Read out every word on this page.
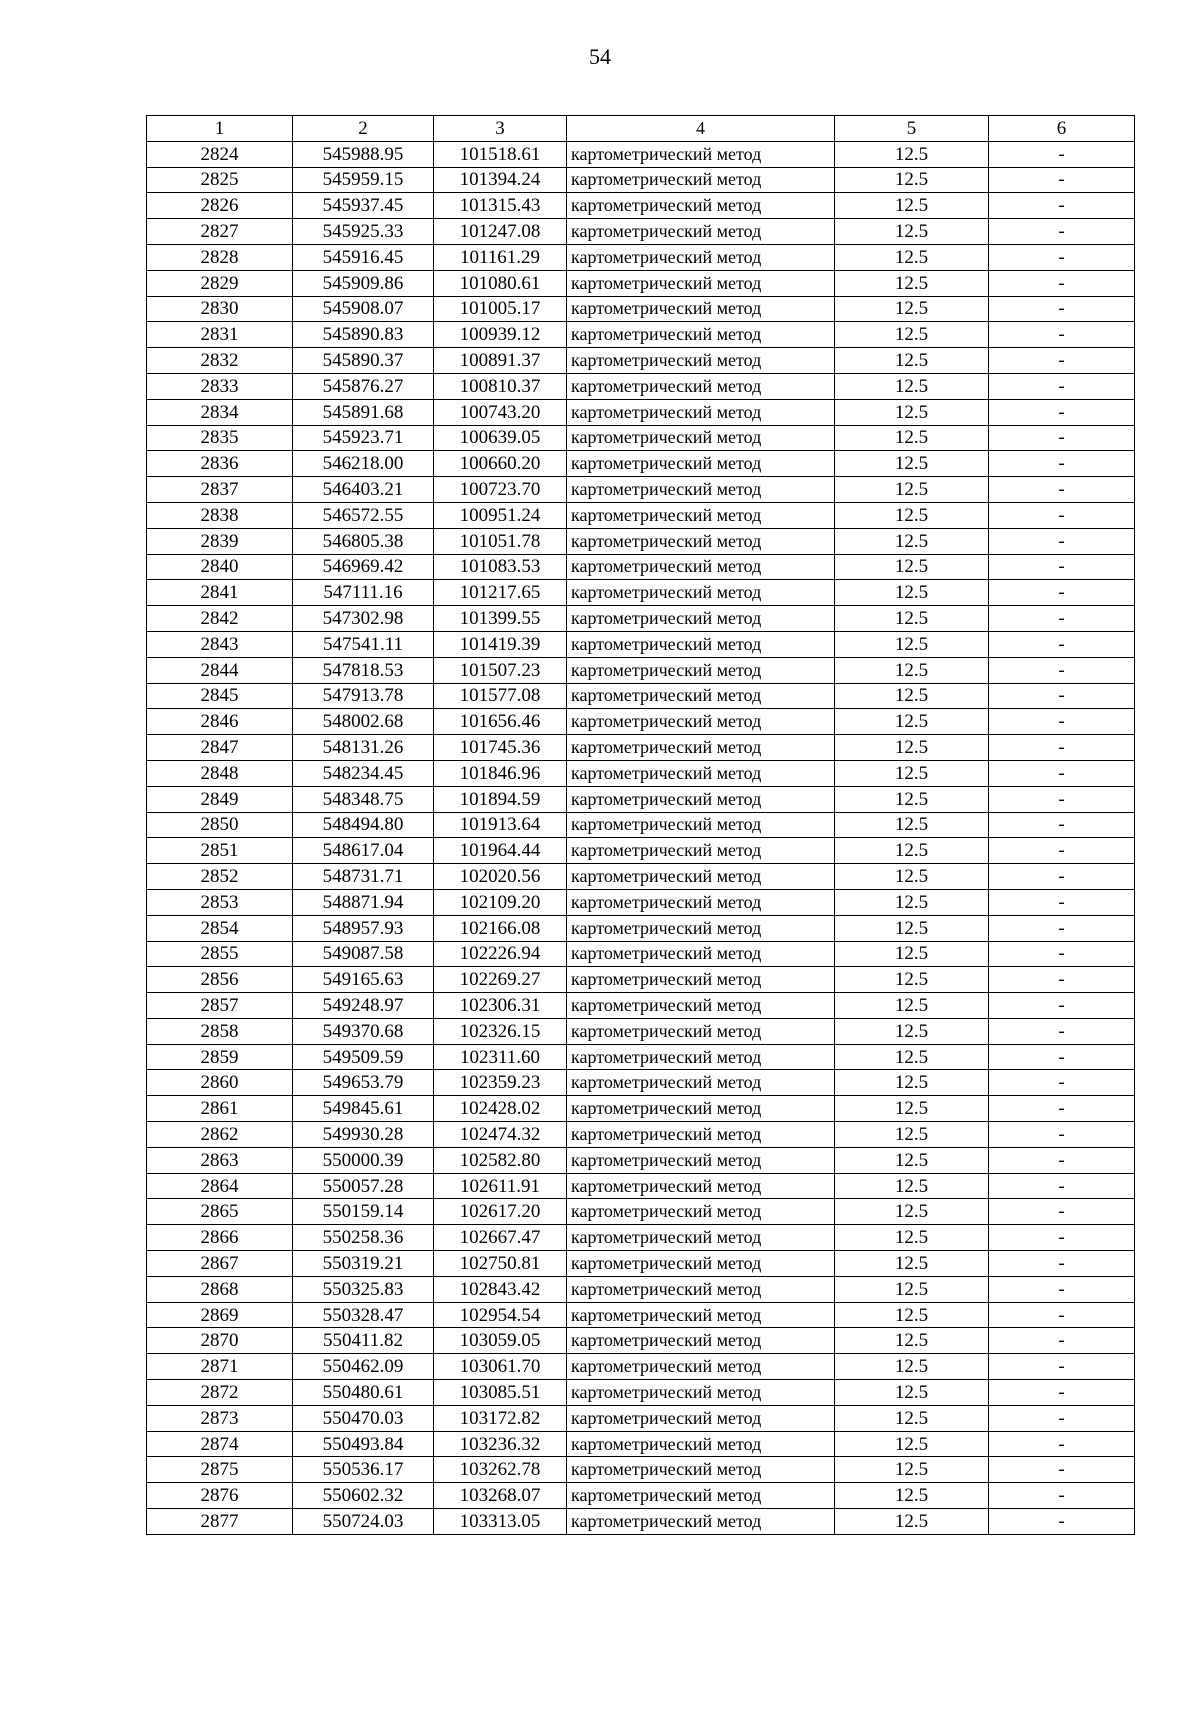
54
1	2	3	4	5	6
2824	545988.95	101518.61	картометрический метод	12.5	-
2825	545959.15	101394.24	картометрический метод	12.5	-
2826	545937.45	101315.43	картометрический метод	12.5	-
2827	545925.33	101247.08	картометрический метод	12.5	-
2828	545916.45	101161.29	картометрический метод	12.5	-
2829	545909.86	101080.61	картометрический метод	12.5	-
2830	545908.07	101005.17	картометрический метод	12.5	-
2831	545890.83	100939.12	картометрический метод	12.5	-
2832	545890.37	100891.37	картометрический метод	12.5	-
2833	545876.27	100810.37	картометрический метод	12.5	-
2834	545891.68	100743.20	картометрический метод	12.5	-
2835	545923.71	100639.05	картометрический метод	12.5	-
2836	546218.00	100660.20	картометрический метод	12.5	-
2837	546403.21	100723.70	картометрический метод	12.5	-
2838	546572.55	100951.24	картометрический метод	12.5	-
2839	546805.38	101051.78	картометрический метод	12.5	-
2840	546969.42	101083.53	картометрический метод	12.5	-
2841	547111.16	101217.65	картометрический метод	12.5	-
2842	547302.98	101399.55	картометрический метод	12.5	-
2843	547541.11	101419.39	картометрический метод	12.5	-
2844	547818.53	101507.23	картометрический метод	12.5	-
2845	547913.78	101577.08	картометрический метод	12.5	-
2846	548002.68	101656.46	картометрический метод	12.5	-
2847	548131.26	101745.36	картометрический метод	12.5	-
2848	548234.45	101846.96	картометрический метод	12.5	-
2849	548348.75	101894.59	картометрический метод	12.5	-
2850	548494.80	101913.64	картометрический метод	12.5	-
2851	548617.04	101964.44	картометрический метод	12.5	-
2852	548731.71	102020.56	картометрический метод	12.5	-
2853	548871.94	102109.20	картометрический метод	12.5	-
2854	548957.93	102166.08	картометрический метод	12.5	-
2855	549087.58	102226.94	картометрический метод	12.5	-
2856	549165.63	102269.27	картометрический метод	12.5	-
2857	549248.97	102306.31	картометрический метод	12.5	-
2858	549370.68	102326.15	картометрический метод	12.5	-
2859	549509.59	102311.60	картометрический метод	12.5	-
2860	549653.79	102359.23	картометрический метод	12.5	-
2861	549845.61	102428.02	картометрический метод	12.5	-
2862	549930.28	102474.32	картометрический метод	12.5	-
2863	550000.39	102582.80	картометрический метод	12.5	-
2864	550057.28	102611.91	картометрический метод	12.5	-
2865	550159.14	102617.20	картометрический метод	12.5	-
2866	550258.36	102667.47	картометрический метод	12.5	-
2867	550319.21	102750.81	картометрический метод	12.5	-
2868	550325.83	102843.42	картометрический метод	12.5	-
2869	550328.47	102954.54	картометрический метод	12.5	-
2870	550411.82	103059.05	картометрический метод	12.5	-
2871	550462.09	103061.70	картометрический метод	12.5	-
2872	550480.61	103085.51	картометрический метод	12.5	-
2873	550470.03	103172.82	картометрический метод	12.5	-
2874	550493.84	103236.32	картометрический метод	12.5	-
2875	550536.17	103262.78	картометрический метод	12.5	-
2876	550602.32	103268.07	картометрический метод	12.5	-
2877	550724.03	103313.05	картометрический метод	12.5	-
